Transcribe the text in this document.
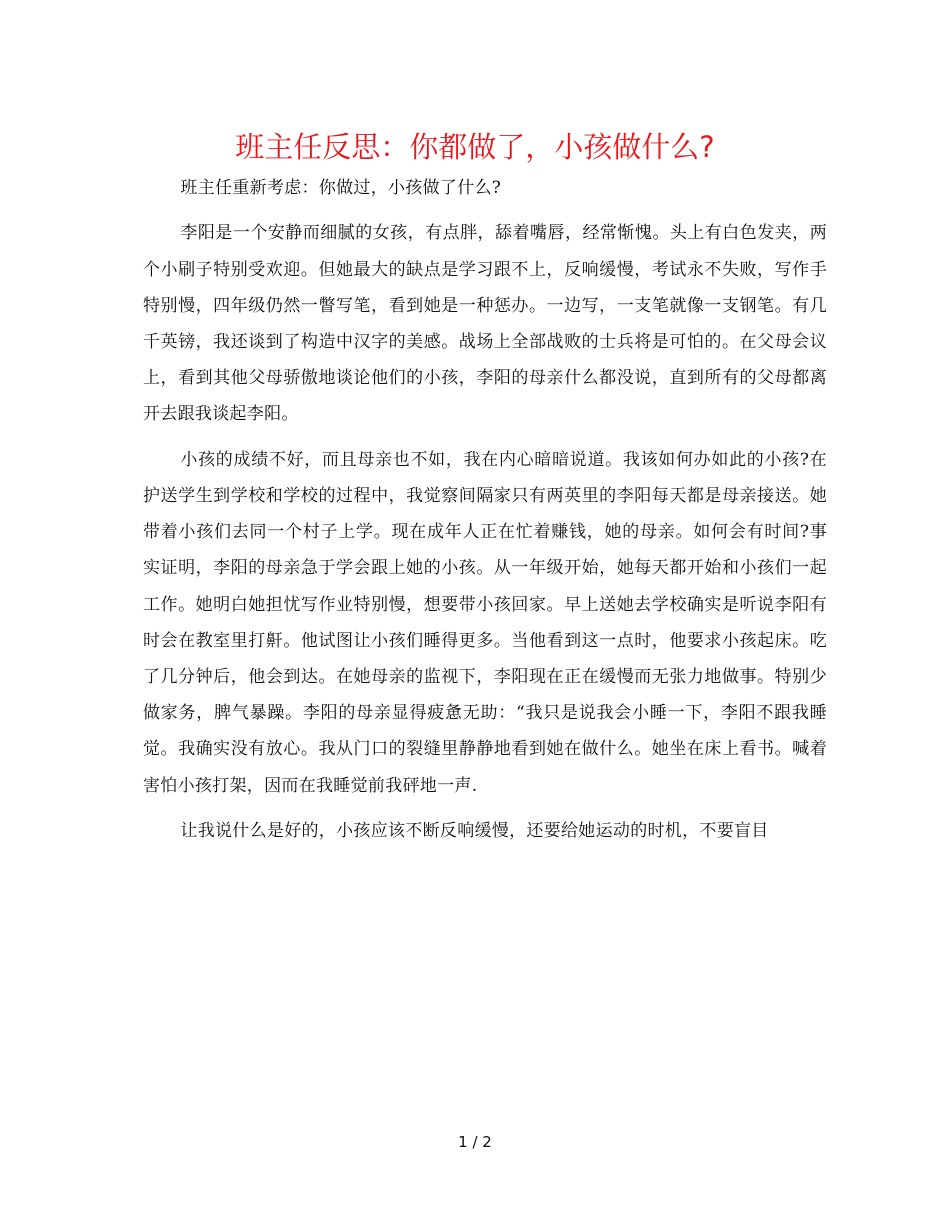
班主任反思：你都做了，小孩做什么?

班主任重新考虑：你做过，小孩做了什么?

李阳是一个安静而细腻的女孩，有点胖，舔着嘴唇，经常惭愧。头上有白色发夹，两个小刷子特别受欢迎。但她最大的缺点是学习跟不上，反响缓慢，考试永不失败，写作手特别慢，四年级仍然一瞥写笔，看到她是一种惩办。一边写，一支笔就像一支钢笔。有几千英镑，我还谈到了构造中汉字的美感。战场上全部战败的士兵将是可怕的。在父母会议上，看到其他父母骄傲地谈论他们的小孩，李阳的母亲什么都没说，直到所有的父母都离开去跟我谈起李阳。

小孩的成绩不好，而且母亲也不如，我在内心暗暗说道。我该如何办如此的小孩?在护送学生到学校和学校的过程中，我觉察间隔家只有两英里的李阳每天都是母亲接送。她带着小孩们去同一个村子上学。现在成年人正在忙着赚钱，她的母亲。如何会有时间?事实证明，李阳的母亲急于学会跟上她的小孩。从一年级开始，她每天都开始和小孩们一起工作。她明白她担忧写作业特别慢，想要带小孩回家。早上送她去学校确实是听说李阳有时会在教室里打鼾。他试图让小孩们睡得更多。当他看到这一点时，他要求小孩起床。吃了几分钟后，他会到达。在她母亲的监视下，李阳现在正在缓慢而无张力地做事。特别少做家务，脾气暴躁。李阳的母亲显得疲惫无助：“我只是说我会小睡一下，李阳不跟我睡觉。我确实没有放心。我从门口的裂缝里静静地看到她在做什么。她坐在床上看书。喊着害怕小孩打架，因而在我睡觉前我砰地一声.

让我说什么是好的，小孩应该不断反响缓慢，还要给她运动的时机，不要盲目

1 / 2
